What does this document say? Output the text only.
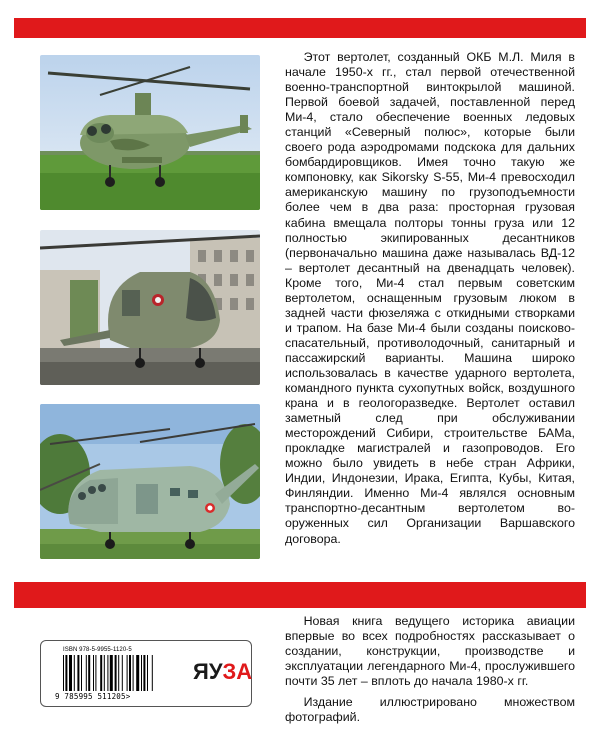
Этот вертолет, созданный ОКБ М.Л. Миля в начале 1950-х гг., стал первой отечественной военно-транспортной винтокрылой машиной. Первой боевой задачей, поставленной перед Ми-4, стало обеспечение военных ледовых станций «Северный полюс», которые были своего рода аэродромами подскока для дальних бомбардировщиков. Имея точно такую же компоновку, как Sikorsky S-55, Ми-4 превосходил американскую машину по грузоподъемности более чем в два раза: просторная грузовая кабина вмещала полторы тонны груза или 12 полностью экипированных десантников (первоначально машина даже называлась ВД-12 – вертолет десантный на двенадцать человек). Кроме того, Ми-4 стал первым советским вертолетом, оснащенным грузовым люком в задней части фюзеляжа с откидными створками и трапом. На базе Ми-4 были созданы поисково-спасательный, противолодочный, санитарный и пассажирский варианты. Машина широко использовалась в качестве ударного вертолета, командного пункта сухопутных войск, воздушного крана и в геологоразведке. Вертолет оставил заметный след при обслуживании месторождений Сибири, строительстве БАМа, прокладке магистралей и газопроводов. Его можно было увидеть в небе стран Африки, Индии, Индонезии, Ирака, Египта, Кубы, Китая, Финляндии. Именно Ми-4 являлся основным транспортно-десантным вертолетом вооруженных сил Организации Варшавского договора.

ISBN 978-5-9955-1120-5
9 785995 511205>
ЯУЗА

Новая книга ведущего историка авиации впервые во всех подробностях рассказывает о создании, конструкции, производстве и эксплуатации легендарного Ми-4, прослужившего почти 35 лет – вплоть до начала 1980-х гг.

Издание иллюстрировано множеством фотографий.
